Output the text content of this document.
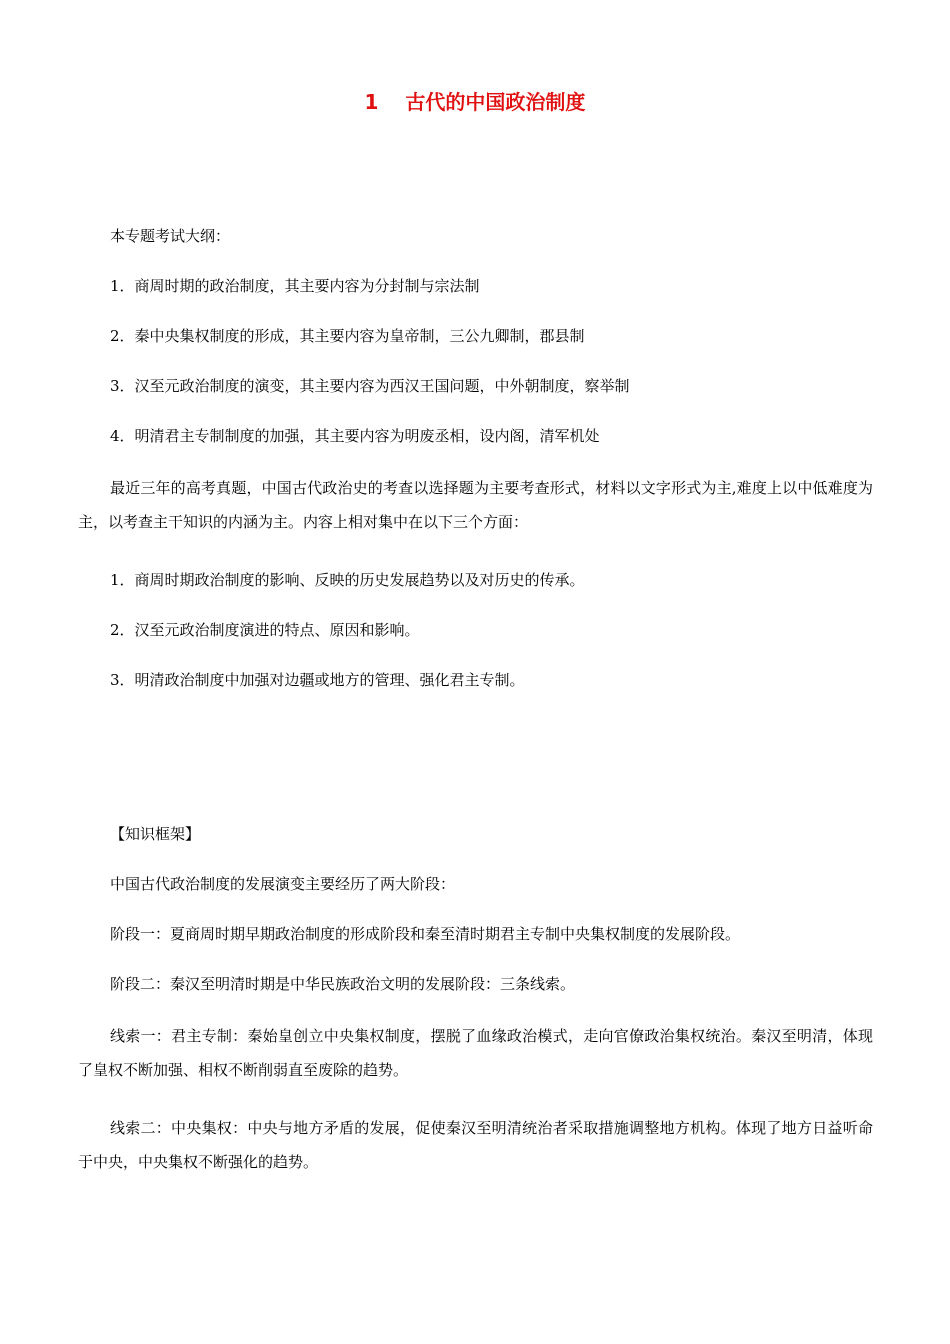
1　 古代的中国政治制度

本专题考试大纲：

1．商周时期的政治制度，其主要内容为分封制与宗法制

2．秦中央集权制度的形成，其主要内容为皇帝制，三公九卿制，郡县制

3．汉至元政治制度的演变，其主要内容为西汉王国问题，中外朝制度，察举制

4．明清君主专制制度的加强，其主要内容为明废丞相，设内阁，清军机处

最近三年的高考真题，中国古代政治史的考查以选择题为主要考查形式，材料以文字形式为主,难度上以中低难度为主，以考查主干知识的内涵为主。内容上相对集中在以下三个方面：

1．商周时期政治制度的影响、反映的历史发展趋势以及对历史的传承。

2．汉至元政治制度演进的特点、原因和影响。

3．明清政治制度中加强对边疆或地方的管理、强化君主专制。

【知识框架】

中国古代政治制度的发展演变主要经历了两大阶段：

阶段一：夏商周时期早期政治制度的形成阶段和秦至清时期君主专制中央集权制度的发展阶段。

阶段二：秦汉至明清时期是中华民族政治文明的发展阶段：三条线索。

线索一：君主专制：秦始皇创立中央集权制度，摆脱了血缘政治模式，走向官僚政治集权统治。秦汉至明清，体现了皇权不断加强、相权不断削弱直至废除的趋势。

线索二：中央集权：中央与地方矛盾的发展，促使秦汉至明清统治者采取措施调整地方机构。体现了地方日益听命于中央，中央集权不断强化的趋势。
